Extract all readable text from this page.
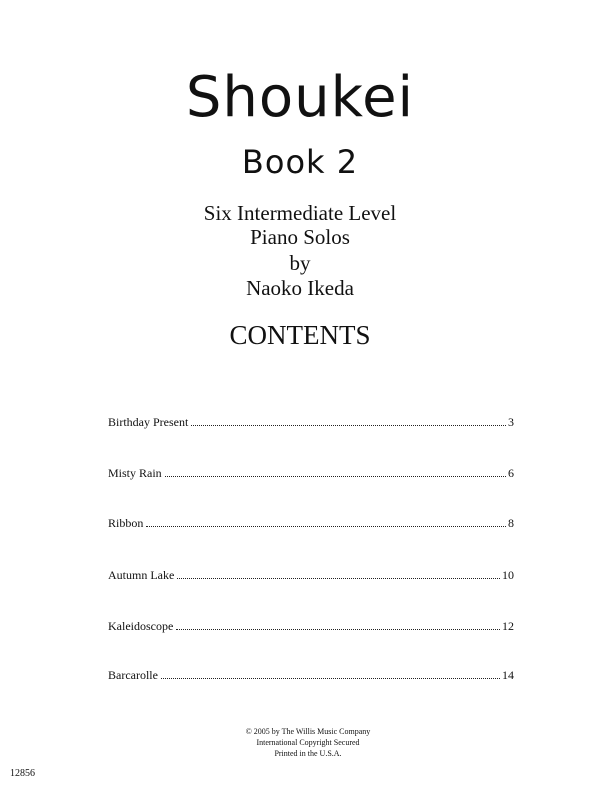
Shoukei
Book 2
Six Intermediate Level
Piano Solos
by
Naoko Ikeda
CONTENTS
Birthday Present	3
Misty Rain	6
Ribbon	8
Autumn Lake	10
Kaleidoscope	12
Barcarolle	14
© 2005 by The Willis Music Company
International Copyright Secured
Printed in the U.S.A.
12856
